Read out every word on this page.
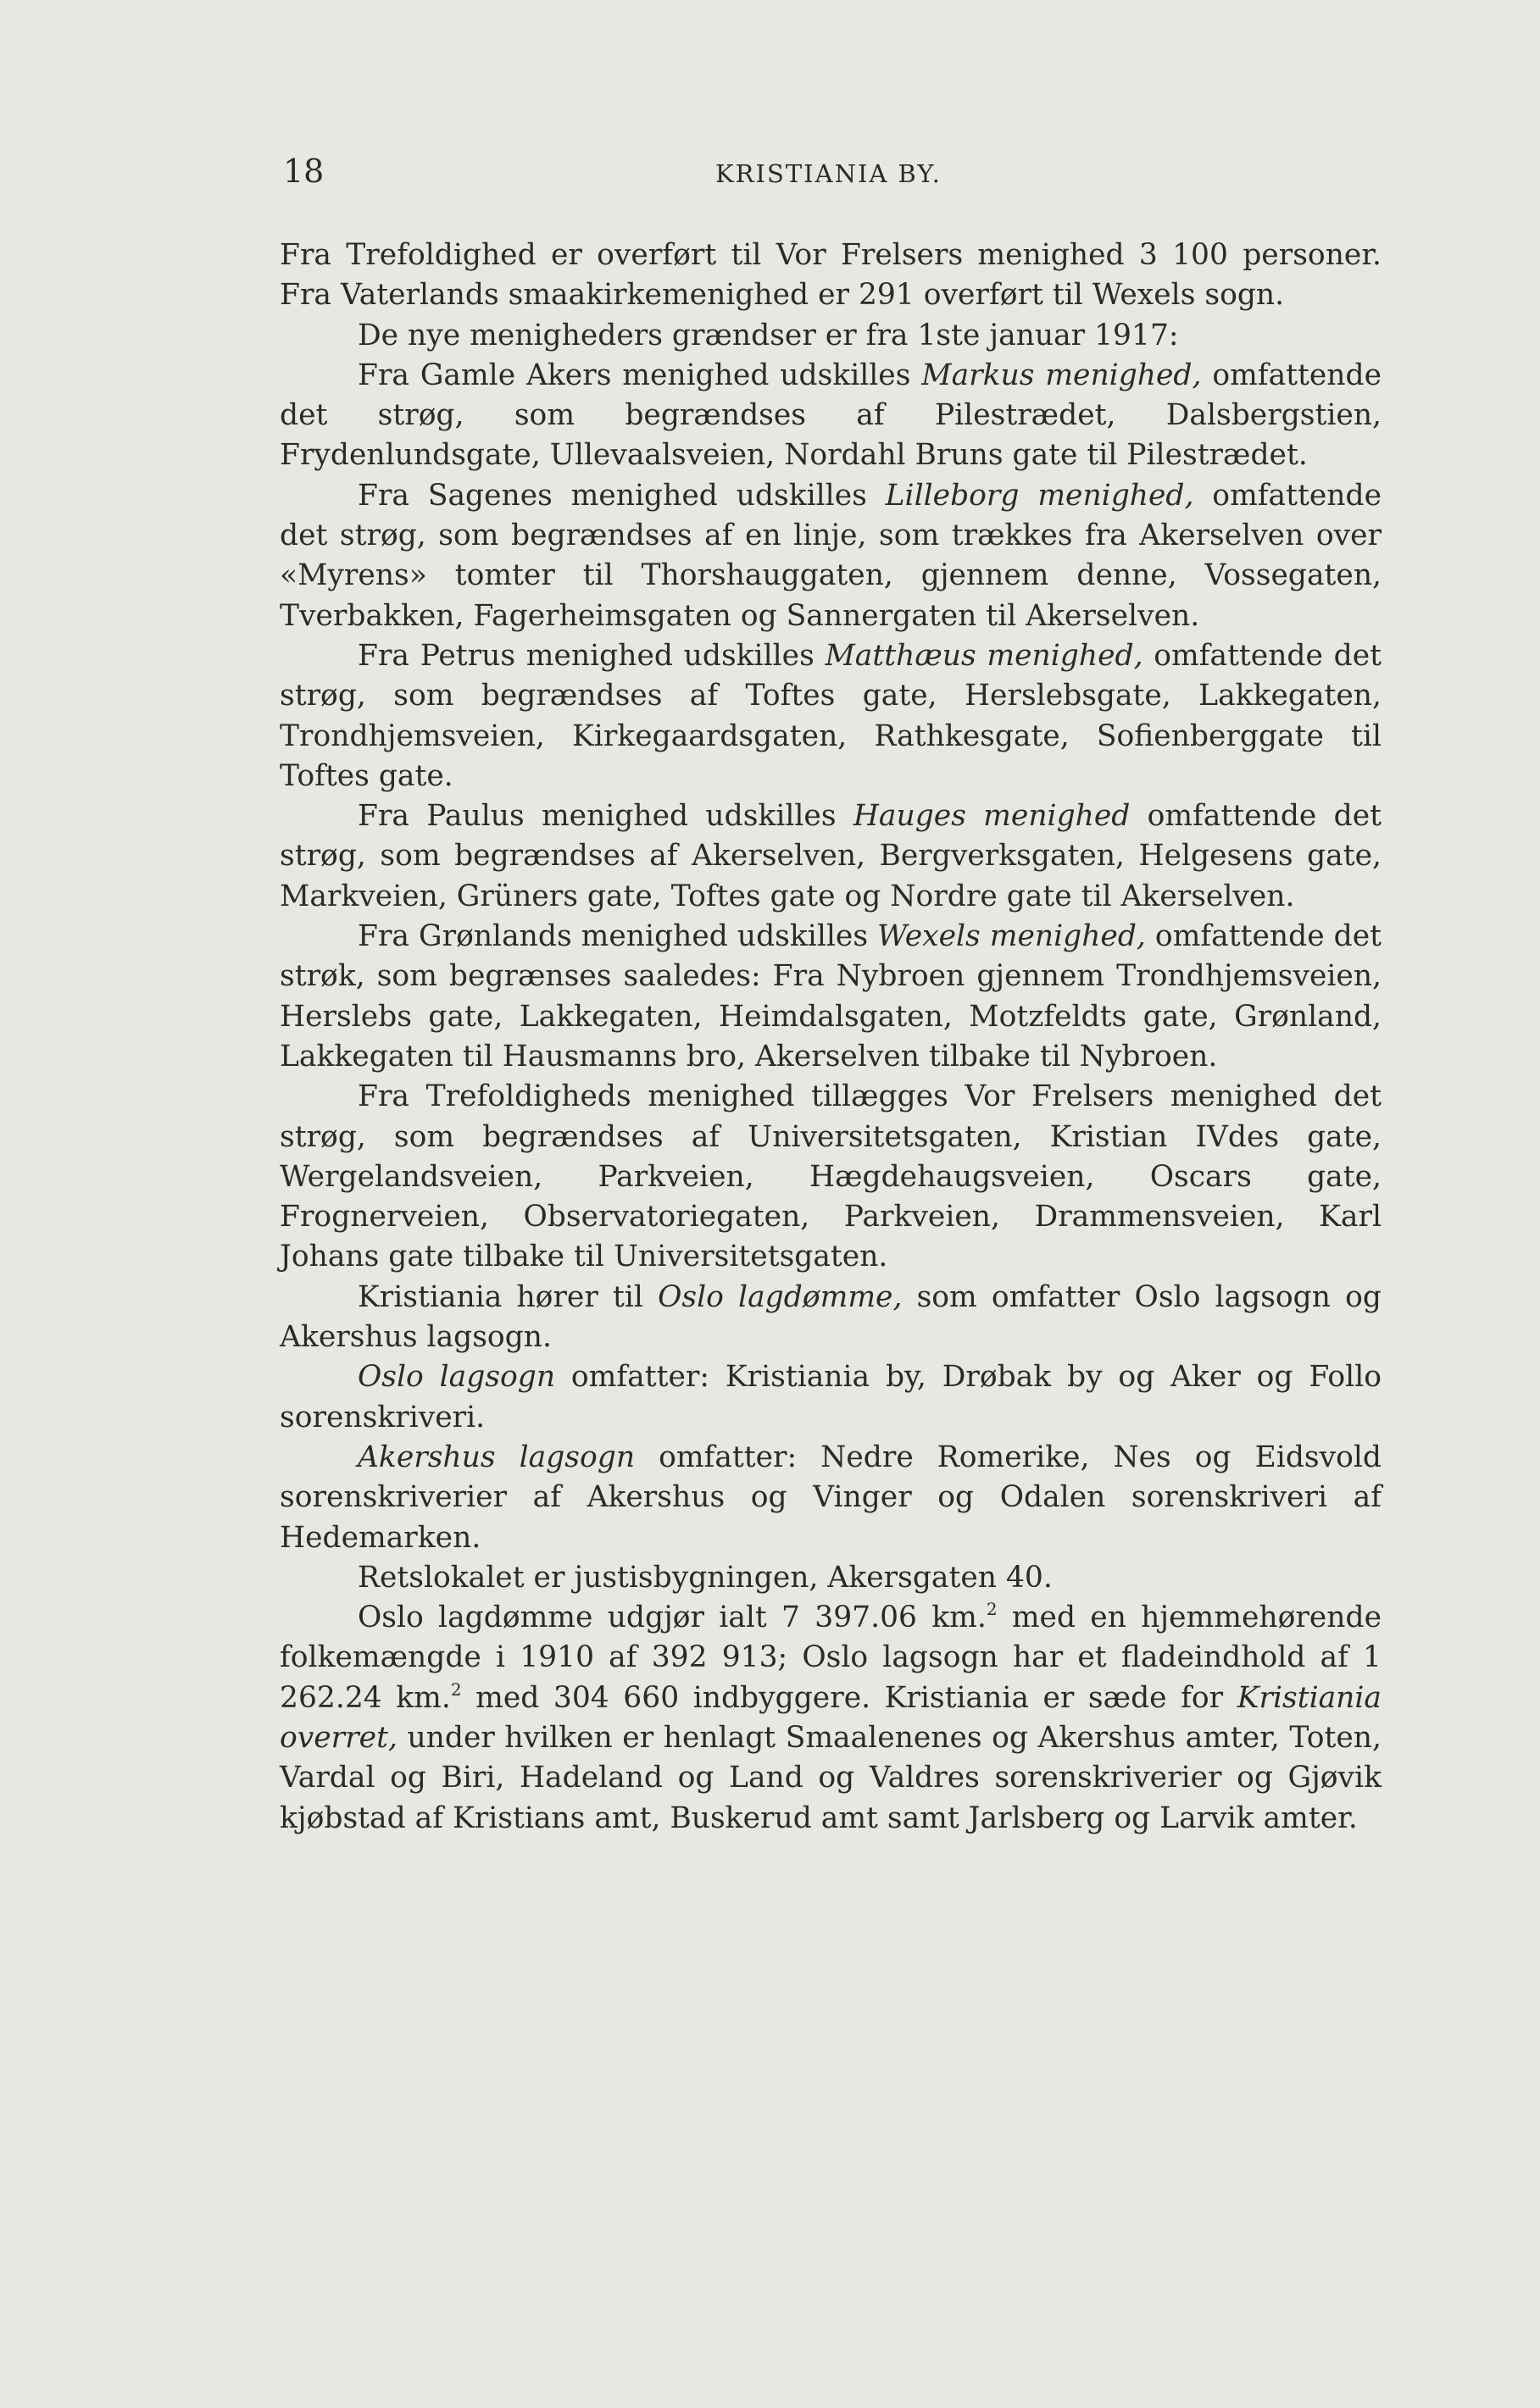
18	KRISTIANIA BY.

Fra Trefoldighed er overført til Vor Frelsers menighed 3 100 personer. Fra Vaterlands smaakirkemenighed er 291 overført til Wexels sogn.

De nye menigheders grændser er fra 1ste januar 1917:

Fra Gamle Akers menighed udskilles Markus menighed, omfattende det strøg, som begrændses af Pilestrædet, Dalsbergstien, Frydenlundsgate, Ullevaalsveien, Nordahl Bruns gate til Pilestrædet.

Fra Sagenes menighed udskilles Lilleborg menighed, omfattende det strøg, som begrændses af en linje, som trækkes fra Akerselven over «Myrens» tomter til Thorshauggaten, gjennem denne, Vossegaten, Tverbakken, Fagerheimsgaten og Sannergaten til Akerselven.

Fra Petrus menighed udskilles Matthæus menighed, omfattende det strøg, som begrændses af Toftes gate, Herslebsgate, Lakkegaten, Trondhjemsveien, Kirkegaardsgaten, Rathkesgate, Sofienberggate til Toftes gate.

Fra Paulus menighed udskilles Hauges menighed omfattende det strøg, som begrændses af Akerselven, Bergverksgaten, Helgesens gate, Markveien, Grüners gate, Toftes gate og Nordre gate til Akerselven.

Fra Grønlands menighed udskilles Wexels menighed, omfattende det strøk, som begrænses saaledes: Fra Nybroen gjennem Trondhjemsveien, Herslebs gate, Lakkegaten, Heimdalsgaten, Motzfeldts gate, Grønland, Lakkegaten til Hausmanns bro, Akerselven tilbake til Nybroen.

Fra Trefoldigheds menighed tillægges Vor Frelsers menighed det strøg, som begrændses af Universitetsgaten, Kristian IVdes gate, Wergelandsveien, Parkveien, Hægdehaugsveien, Oscars gate, Frognerveien, Observatoriegaten, Parkveien, Drammensveien, Karl Johans gate tilbake til Universitetsgaten.

Kristiania hører til Oslo lagdømme, som omfatter Oslo lagsogn og Akershus lagsogn.

Oslo lagsogn omfatter: Kristiania by, Drøbak by og Aker og Follo sorenskriveri.

Akershus lagsogn omfatter: Nedre Romerike, Nes og Eidsvold sorenskriverier af Akershus og Vinger og Odalen sorenskriveri af Hedemarken.

Retslokalet er justisbygningen, Akersgaten 40.

Oslo lagdømme udgjør ialt 7 397.06 km.$^2$ med en hjemmehørende folkemængde i 1910 af 392 913; Oslo lagsogn har et fladeindhold af 1 262.24 km.$^2$ med 304 660 indbyggere. Kristiania er sæde for Kristiania overret, under hvilken er henlagt Smaalenenes og Akershus amter, Toten, Vardal og Biri, Hadeland og Land og Valdres sorenskriverier og Gjøvik kjøbstad af Kristians amt, Buskerud amt samt Jarlsberg og Larvik amter.
